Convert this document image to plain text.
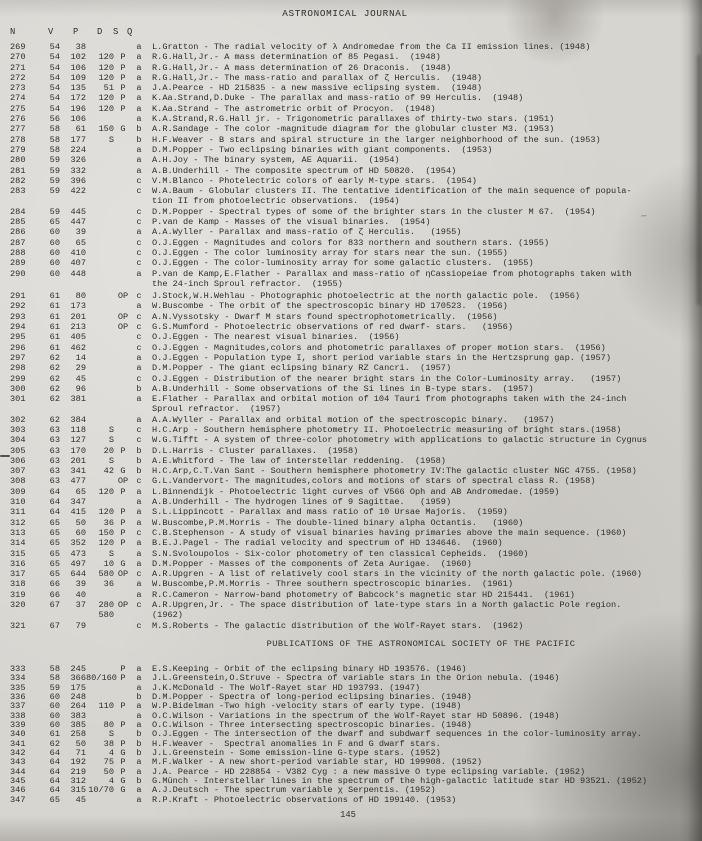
ASTRONOMICAL JOURNAL
N	V P D S Q
269	54	38	a	L.Gratton - The radial velocity of λ Andromedae from the Ca II emission lines. (1948)
270	54	102	120 P	a	R.G.Hall,Jr.- A mass determination of 85 Pegasi.  (1948)
271	54	106	120 P	a	R.G.Hall,Jr.- A mass determination of 26 Draconis.  (1948)
272	54	109	120 P	a	R.G.Hall,Jr.- The mass-ratio and parallax of ζ Herculis.  (1948)
273	54	135	51 P	a	J.A.Pearce - HD 215835 - a new massive eclipsing system.  (1948)
274	54	172	120 P	a	K.Aa.Strand,D.Duke - The parallax and mass-ratio of 99 Herculis.  (1948)
275	54	196	120 P	a	K.Aa.Strand - The astrometric orbit of Procyon.  (1948)
276	56	106	a	K.A.Strand,R.G.Hall jr. - Trigonometric parallaxes of thirty-two stars. (1951)
277	58	61	150 G	b	A.R.Sandage - The color -magnitude diagram for the globular cluster M3. (1953)
278	58	177	S	b	H.F.Weaver - B stars and spiral structure in the larger neighborhood of the sun. (1953)
279	58	224	a	D.M.Popper - Two eclipsing binaries with giant components.  (1953)
280	59	326	a	A.H.Joy - The binary system, AE Aquarii.  (1954)
281	59	332	a	A.B.Underhill - The composite spectrum of HD 50820.  (1954)
282	59	396	c	V.M.Blanco - Photelectric colors of early M-type stars.  (1954)
283	59	422	c	W.A.Baum - Globular clusters II. The tentative identification of the main sequence of popula-
tion II from photoelectric observations.  (1954)
284	59	445	c	D.M.Popper - Spectral types of some of the brighter stars in the cluster M 67.  (1954)
285	65	447	c	P.van de Kamp - Masses of the visual binaries.  (1954)
286	60	39	a	A.A.Wyller - Parallax and mass-ratio of ζ Herculis.   (1955)
287	60	65	c	O.J.Eggen - Magnitudes and colors for 833 northern and southern stars. (1955)
288	60	410	c	O.J.Eggen - The color luminosity array for stars near the sun. (1955)
289	60	407	c	O.J.Eggen - The color-luminosity array for some galactic clusters.  (1955)
290	60	448	a	P.van de Kamp,E.Flather - Parallax and mass-ratio of ηCassiopeiae from photographs taken with
the 24-inch Sproul refractor.  (1955)
291	61	80	OP c	J.Stock,W.H.Wehlau - Photographic photoelectric at the north galactic pole.  (1956)
292	61	173	a	W.Buscombe - The orbit of the spectroscopic binary HD 170523.  (1956)
293	61	201	OP c	A.N.Vyssotsky - Dwarf M stars found spectrophotometrically.  (1956)
294	61	213	OP c	G.S.Mumford - Photoelectric observations of red dwarf- stars.   (1956)
295	61	405	c	O.J.Eggen - The nearest visual binaries.  (1956)
296	61	462	c	O.J.Eggen - Magnitudes,colors and photometric parallaxes of proper motion stars.  (1956)
297	62	14	a	O.J.Eggen - Population type I, short period variable stars in the Hertzsprung gap. (1957)
298	62	29	a	D.M.Popper - The giant eclipsing binary RZ Cancri.  (1957)
299	62	45	c	O.J.Eggen - Distribution of the nearer bright stars in the Color-Luminosity array.   (1957)
300	62	96	b	A.B.Underhill - Some observations of the Si lines in B-type stars.  (1957)
301	62	381	a	E.Flather - Parallax and orbital motion of 104 Tauri from photographs taken with the 24-inch
Sproul refractor.  (1957)
302	62	384	a	A.A.Wyller - Parallax and orbital motion of the spectroscopic binary.   (1957)
303	63	118	S	c	H.C.Arp - Southern hemisphere photometry II. Photoelectric measuring of bright stars.(1958)
304	63	127	S	c	W.G.Tifft - A system of three-color photometry with applications to galactic structure in Cygnus
305	63	170	20 P	b	D.L.Harris - Cluster parallaxes.  (1958)
306	63	201	S	b	A.E.Whitford - The law of interstellar reddening.  (1958)
307	63	341	42 G	b	H.C.Arp,C.T.Van Sant - Southern hemisphere photometry IV:The galactic cluster NGC 4755. (1958)
308	63	477	OP c	G.L.Vandervort- The magnitudes,colors and motions of stars of spectral class R. (1958)
309	64	65	120 P	a	L.Binnendijk - Photoelectric light curves of V566 Oph and AB Andromedae. (1959)
310	64	347	a	A.B.Underhill - The hydrogen lines of 9 Sagittae.   (1959)
311	64	415	120 P	a	S.L.Lippincott - Parallax and mass ratio of 10 Ursae Majoris.  (1959)
312	65	50	36 P	a	W.Buscombe,P.M.Morris - The double-lined binary alpha Octantis.   (1960)
313	65	60	150 P	c	C.B.Stephenson - A study of visual binaries having primaries above the main sequence. (1960)
314	65	352	120 P	a	B.E.J.Pagel - The radial velocity and spectrum of HD 134646.  (1960)
315	65	473	S	a	S.N.Svoloupolos - Six-color photometry of ten classical Cepheids.  (1960)
316	65	497	10 G	a	D.M.Popper - Masses of the components of Zeta Aurigae.  (1960)
317	65	644	580 OP c	A.R.Upgren - A list of relatively cool stars in the vicinity of the north galactic pole. (1960)
318	66	39	36	a	W.Buscombe,P.M.Morris - Three southern spectroscopic binaries.  (1961)
319	66	40	a	R.C.Cameron - Narrow-band photometry of Babcock's magnetic star HD 215441.  (1961)
320	67	37	280 OP c	A.R.Upgren,Jr. - The space distribution of late-type stars in a North galactic Pole region.
580	(1962)
321	67	79	c	M.S.Roberts - The galactic distribution of the Wolf-Rayet stars.  (1962)
PUBLICATIONS OF THE ASTRONOMICAL SOCIETY OF THE PACIFIC
333	58	245	P	a	E.S.Keeping - Orbit of the eclipsing binary HD 193576. (1946)
334	58	366 80/160 P	a	J.L.Greenstein,O.Struve - Spectra of variable stars in the Orion nebula. (1946)
335	59	175	a	J.K.McDonald - The Wolf-Rayet star HD 193793. (1947)
336	60	248	b	D.M.Popper - Spectra of long-period eclipsing binaries. (1948)
337	60	264	110 P	a	W.P.Bidelman -Two high -velocity stars of early type. (1948)
338	60	383	a	O.C.Wilson - Variations in the spectrum of the Wolf-Rayet star HD 50896. (1948)
339	60	385	80 P	a	O.C.Wilson - Three intersecting spectroscopic binaries. (1948)
340	61	258	S	b	O.J.Eggen - The intersection of the dwarf and subdwarf sequences in the color-luminosity array.
341	62	50	38 P	b	H.F.Weaver -  Spectral anomalies in F and G dwarf stars.
342	64	71	4 G	b	J.L.Greenstein - Some emission-line G-type stars. (1952)
343	64	192	75 P	a	M.F.Walker - A new short-period variable star, HD 199908. (1952)
344	64	219	50 P	a	J.A. Pearce - HD 228854 - V382 Cyg : a new massive O type eclipsing variable. (1952)
345	64	312	4 G	b	G.Münch - Interstellar lines in the spectrum of the high-galactic latitude star HD 93521. (1952)
346	64	315 10/70 G	a	A.J.Deutsch - The spectrum variable χ Serpentis. (1952)
347	65	45	a	R.P.Kraft - Photoelectric observations of HD 199140. (1953)
145
∼
